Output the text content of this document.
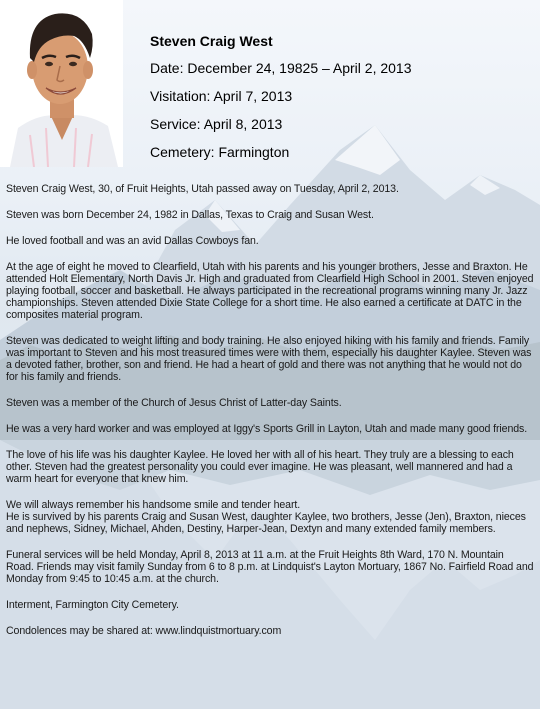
Steven Craig West
Date: December 24, 19825 – April 2, 2013
Visitation: April 7, 2013
Service: April 8, 2013
Cemetery: Farmington

Steven Craig West, 30, of Fruit Heights, Utah passed away on Tuesday, April 2, 2013.

Steven was born December 24, 1982 in Dallas, Texas to Craig and Susan West.

He loved football and was an avid Dallas Cowboys fan.

At the age of eight he moved to Clearfield, Utah with his parents and his younger brothers, Jesse and Braxton. He attended Holt Elementary, North Davis Jr. High and graduated from Clearfield High School in 2001. Steven enjoyed playing football, soccer and basketball. He always participated in the recreational programs winning many Jr. Jazz championships. Steven attended Dixie State College for a short time. He also earned a certificate at DATC in the composites material program.

Steven was dedicated to weight lifting and body training. He also enjoyed hiking with his family and friends. Family was important to Steven and his most treasured times were with them, especially his daughter Kaylee. Steven was a devoted father, brother, son and friend. He had a heart of gold and there was not anything that he would not do for his family and friends.

Steven was a member of the Church of Jesus Christ of Latter-day Saints.

He was a very hard worker and was employed at Iggy's Sports Grill in Layton, Utah and made many good friends.

The love of his life was his daughter Kaylee. He loved her with all of his heart. They truly are a blessing to each other. Steven had the greatest personality you could ever imagine. He was pleasant, well mannered and had a warm heart for everyone that knew him.

We will always remember his handsome smile and tender heart.
He is survived by his parents Craig and Susan West, daughter Kaylee, two brothers, Jesse (Jen), Braxton, nieces and nephews, Sidney, Michael, Ahden, Destiny, Harper-Jean, Dextyn and many extended family members.

Funeral services will be held Monday, April 8, 2013 at 11 a.m. at the Fruit Heights 8th Ward, 170 N. Mountain Road. Friends may visit family Sunday from 6 to 8 p.m. at Lindquist's Layton Mortuary, 1867 No. Fairfield Road and Monday from 9:45 to 10:45 a.m. at the church.

Interment, Farmington City Cemetery.

Condolences may be shared at: www.lindquistmortuary.com
